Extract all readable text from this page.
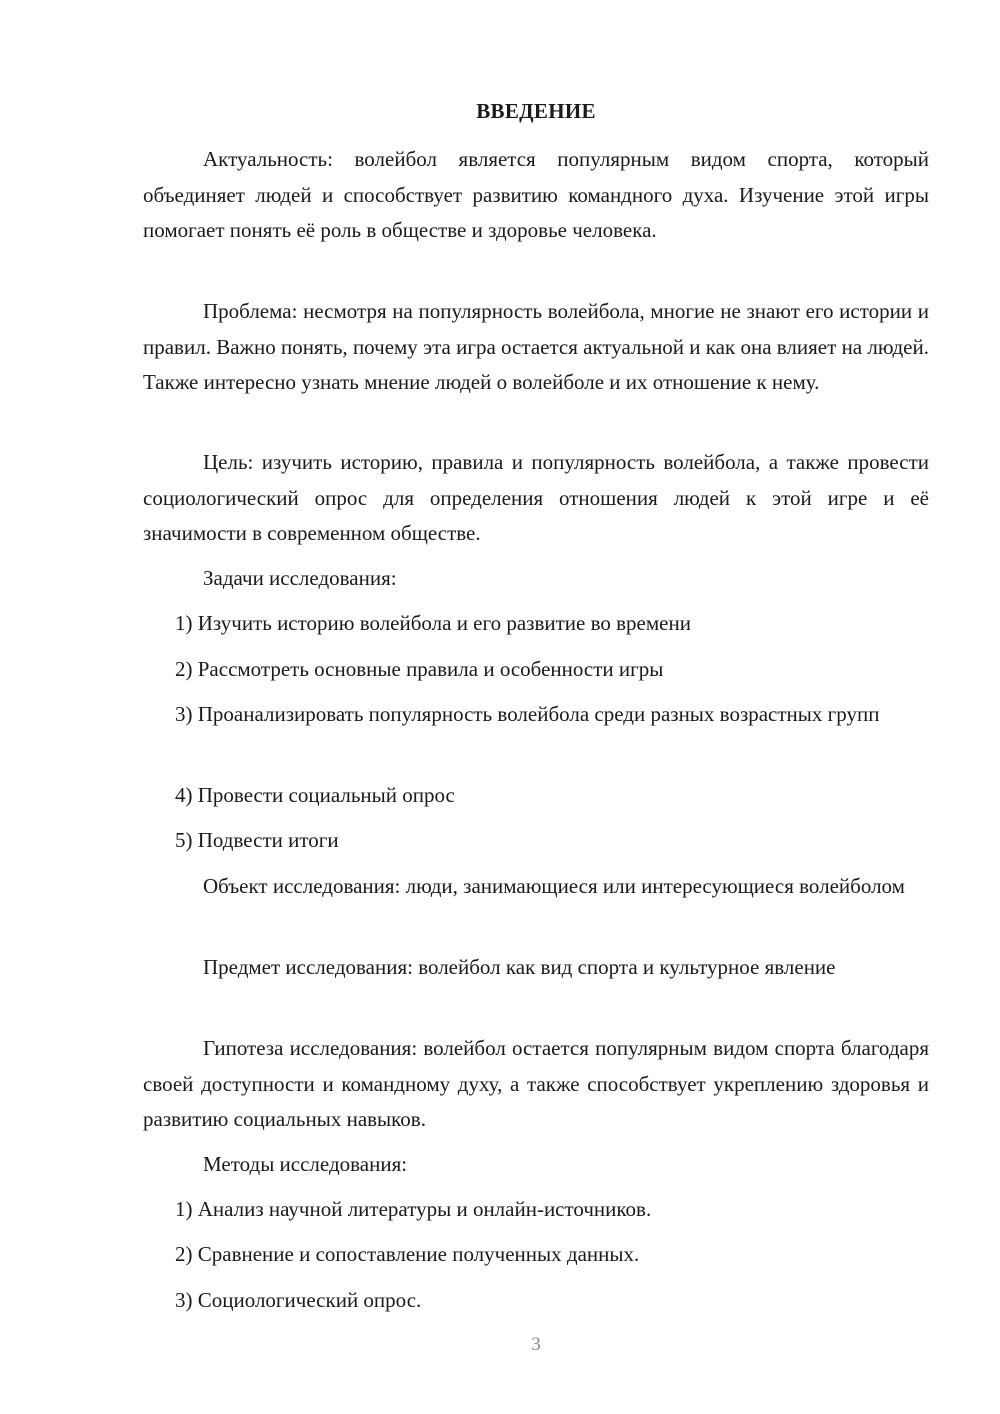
ВВЕДЕНИЕ

Актуальность: волейбол является популярным видом спорта, который объединяет людей и способствует развитию командного духа. Изучение этой игры помогает понять её роль в обществе и здоровье человека.

Проблема: несмотря на популярность волейбола, многие не знают его истории и правил. Важно понять, почему эта игра остается актуальной и как она влияет на людей. Также интересно узнать мнение людей о волейболе и их отношение к нему.

Цель: изучить историю, правила и популярность волейбола, а также провести социологический опрос для определения отношения людей к этой игре и её значимости в современном обществе.

Задачи исследования:

1) Изучить историю волейбола и его развитие во времени

2) Рассмотреть основные правила и особенности игры

3) Проанализировать популярность волейбола среди разных возрастных групп

4) Провести социальный опрос

5) Подвести итоги

Объект исследования: люди, занимающиеся или интересующиеся волейболом

Предмет исследования: волейбол как вид спорта и культурное явление

Гипотеза исследования: волейбол остается популярным видом спорта благодаря своей доступности и командному духу, а также способствует укреплению здоровья и развитию социальных навыков.

Методы исследования:

1) Анализ научной литературы и онлайн-источников.

2) Сравнение и сопоставление полученных данных.

3) Социологический опрос.

3
